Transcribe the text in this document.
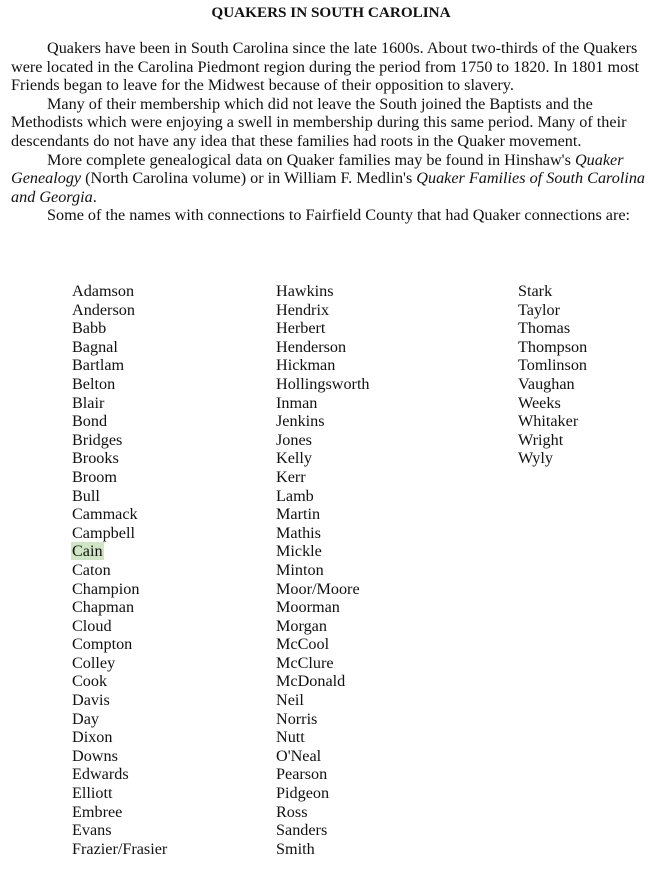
QUAKERS IN SOUTH CAROLINA

Quakers have been in South Carolina since the late 1600s. About two-thirds of the Quakers were located in the Carolina Piedmont region during the period from 1750 to 1820. In 1801 most Friends began to leave for the Midwest because of their opposition to slavery.

Many of their membership which did not leave the South joined the Baptists and the Methodists which were enjoying a swell in membership during this same period. Many of their descendants do not have any idea that these families had roots in the Quaker movement.

More complete genealogical data on Quaker families may be found in Hinshaw's Quaker Genealogy (North Carolina volume) or in William F. Medlin's Quaker Families of South Carolina and Georgia.

Some of the names with connections to Fairfield County that had Quaker connections are:

Adamson
Anderson
Babb
Bagnal
Bartlam
Belton
Blair
Bond
Bridges
Brooks
Broom
Bull
Cammack
Campbell
Cain
Caton
Champion
Chapman
Cloud
Compton
Colley
Cook
Davis
Day
Dixon
Downs
Edwards
Elliott
Embree
Evans
Frazier/Frasier
Hawkins
Hendrix
Herbert
Henderson
Hickman
Hollingsworth
Inman
Jenkins
Jones
Kelly
Kerr
Lamb
Martin
Mathis
Mickle
Minton
Moor/Moore
Moorman
Morgan
McCool
McClure
McDonald
Neil
Norris
Nutt
O'Neal
Pearson
Pidgeon
Ross
Sanders
Smith
Stark
Taylor
Thomas
Thompson
Tomlinson
Vaughan
Weeks
Whitaker
Wright
Wyly
